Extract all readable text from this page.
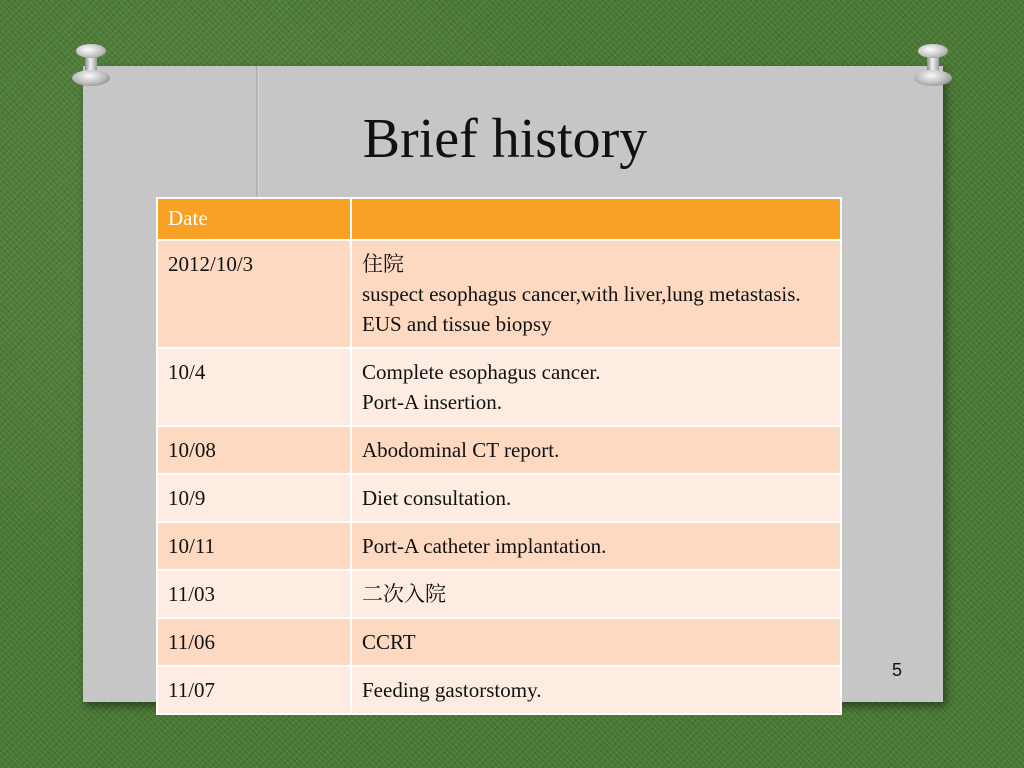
Brief history
Date	
2012/10/3	住院
suspect esophagus cancer,with liver,lung metastasis.
EUS and tissue biopsy
10/4	Complete esophagus cancer.
Port-A insertion.
10/08	Abodominal CT report.
10/9	Diet consultation.
10/11	Port-A catheter implantation.
11/03	二次入院
11/06	CCRT
11/07	Feeding gastorstomy.
5
